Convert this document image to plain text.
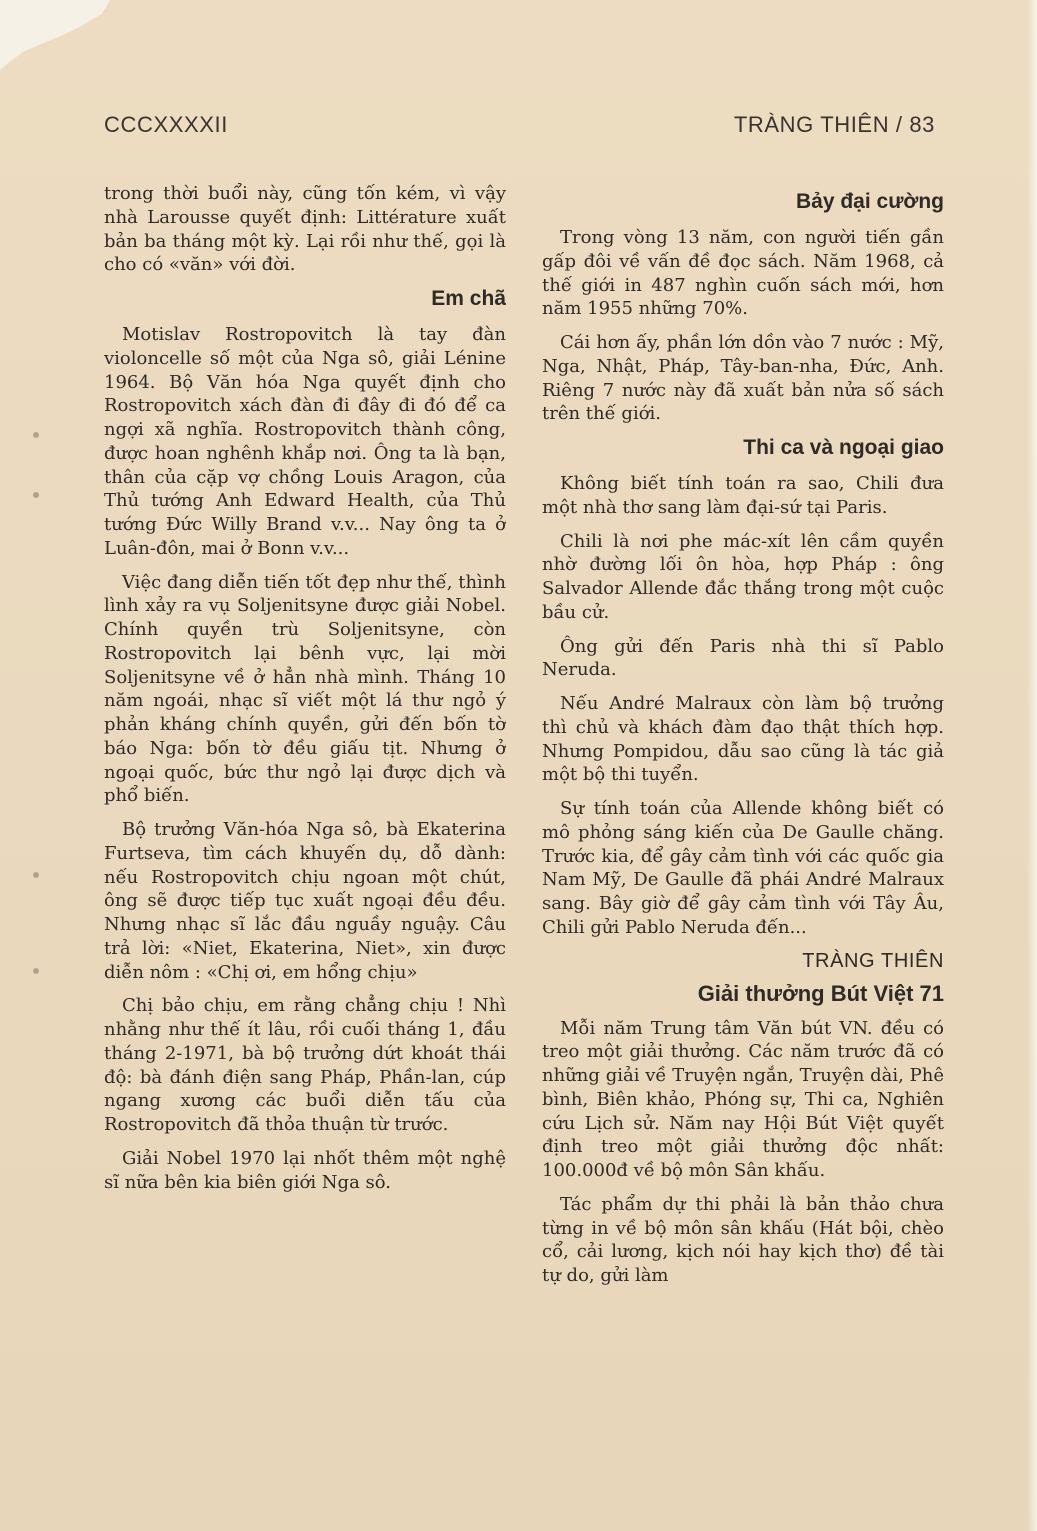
CCCXXXXII	TRÀNG THIÊN / 83

trong thời buổi này, cũng tốn kém, vì vậy nhà Larousse quyết định: Littérature xuất bản ba tháng một kỳ. Lại rồi như thế, gọi là cho có «văn» với đời.

Em chã

Motislav Rostropovitch là tay đàn violoncelle số một của Nga sô, giải Lénine 1964. Bộ Văn hóa Nga quyết định cho Rostropovitch xách đàn đi đây đi đó để ca ngợi xã nghĩa. Rostropovitch thành công, được hoan nghênh khắp nơi. Ông ta là bạn, thân của cặp vợ chồng Louis Aragon, của Thủ tướng Anh Edward Health, của Thủ tướng Đức Willy Brand v.v... Nay ông ta ở Luân-đôn, mai ở Bonn v.v...

Việc đang diễn tiến tốt đẹp như thế, thình lình xảy ra vụ Soljenitsyne được giải Nobel. Chính quyền trù Soljenitsyne, còn Rostropovitch lại bênh vực, lại mời Soljenitsyne về ở hẳn nhà mình. Tháng 10 năm ngoái, nhạc sĩ viết một lá thư ngỏ ý phản kháng chính quyền, gửi đến bốn tờ báo Nga: bốn tờ đều giấu tịt. Nhưng ở ngoại quốc, bức thư ngỏ lại được dịch và phổ biến.

Bộ trưởng Văn-hóa Nga sô, bà Ekaterina Furtseva, tìm cách khuyến dụ, dỗ dành: nếu Rostropovitch chịu ngoan một chút, ông sẽ được tiếp tục xuất ngoại đều đều. Nhưng nhạc sĩ lắc đầu nguầy nguậy. Câu trả lời: «Niet, Ekaterina, Niet», xin được diễn nôm : «Chị ơi, em hổng chịu»

Chị bảo chịu, em rằng chẳng chịu ! Nhì nhằng như thế ít lâu, rồi cuối tháng 1, đầu tháng 2-1971, bà bộ trưởng dứt khoát thái độ: bà đánh điện sang Pháp, Phần-lan, cúp ngang xương các buổi diễn tấu của Rostropovitch đã thỏa thuận từ trước.

Giải Nobel 1970 lại nhốt thêm một nghệ sĩ nữa bên kia biên giới Nga sô.

Bảy đại cường

Trong vòng 13 năm, con người tiến gần gấp đôi về vấn đề đọc sách. Năm 1968, cả thế giới in 487 nghìn cuốn sách mới, hơn năm 1955 những 70%.

Cái hơn ấy, phần lớn dồn vào 7 nước : Mỹ, Nga, Nhật, Pháp, Tây-ban-nha, Đức, Anh. Riêng 7 nước này đã xuất bản nửa số sách trên thế giới.

Thi ca và ngoại giao

Không biết tính toán ra sao, Chili đưa một nhà thơ sang làm đại-sứ tại Paris.

Chili là nơi phe mác-xít lên cầm quyền nhờ đường lối ôn hòa, hợp Pháp : ông Salvador Allende đắc thắng trong một cuộc bầu cử.

Ông gửi đến Paris nhà thi sĩ Pablo Neruda.

Nếu André Malraux còn làm bộ trưởng thì chủ và khách đàm đạo thật thích hợp. Nhưng Pompidou, dẫu sao cũng là tác giả một bộ thi tuyển.

Sự tính toán của Allende không biết có mô phỏng sáng kiến của De Gaulle chăng. Trước kia, để gây cảm tình với các quốc gia Nam Mỹ, De Gaulle đã phái André Malraux sang. Bây giờ để gây cảm tình với Tây Âu, Chili gửi Pablo Neruda đến...

TRÀNG THIÊN
Giải thưởng Bút Việt 71

Mỗi năm Trung tâm Văn bút VN. đều có treo một giải thưởng. Các năm trước đã có những giải về Truyện ngắn, Truyện dài, Phê bình, Biên khảo, Phóng sự, Thi ca, Nghiên cứu Lịch sử. Năm nay Hội Bút Việt quyết định treo một giải thưởng độc nhất: 100.000đ về bộ môn Sân khấu.

Tác phẩm dự thi phải là bản thảo chưa từng in về bộ môn sân khấu (Hát bội, chèo cổ, cải lương, kịch nói hay kịch thơ) đề tài tự do, gửi làm
